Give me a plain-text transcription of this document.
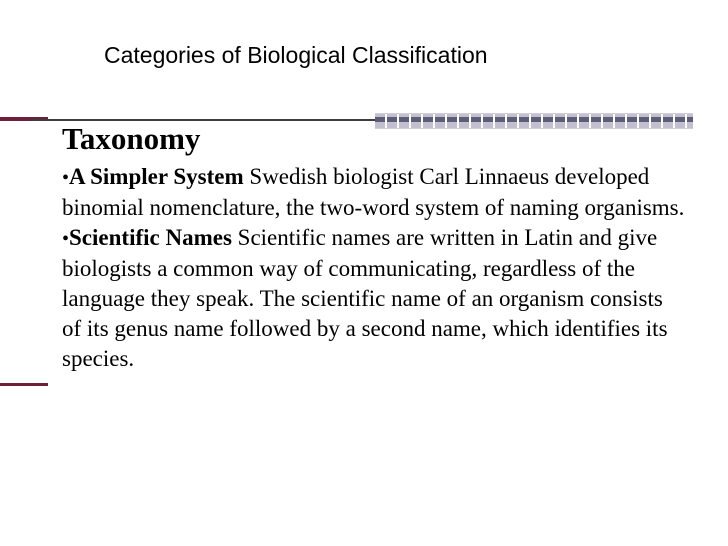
Categories of Biological Classification
Taxonomy

•A Simpler System Swedish biologist Carl Linnaeus developed binomial nomenclature, the two-word system of naming organisms.

•Scientific Names Scientific names are written in Latin and give biologists a common way of communicating, regardless of the language they speak. The scientific name of an organism consists of its genus name followed by a second name, which identifies its species.
